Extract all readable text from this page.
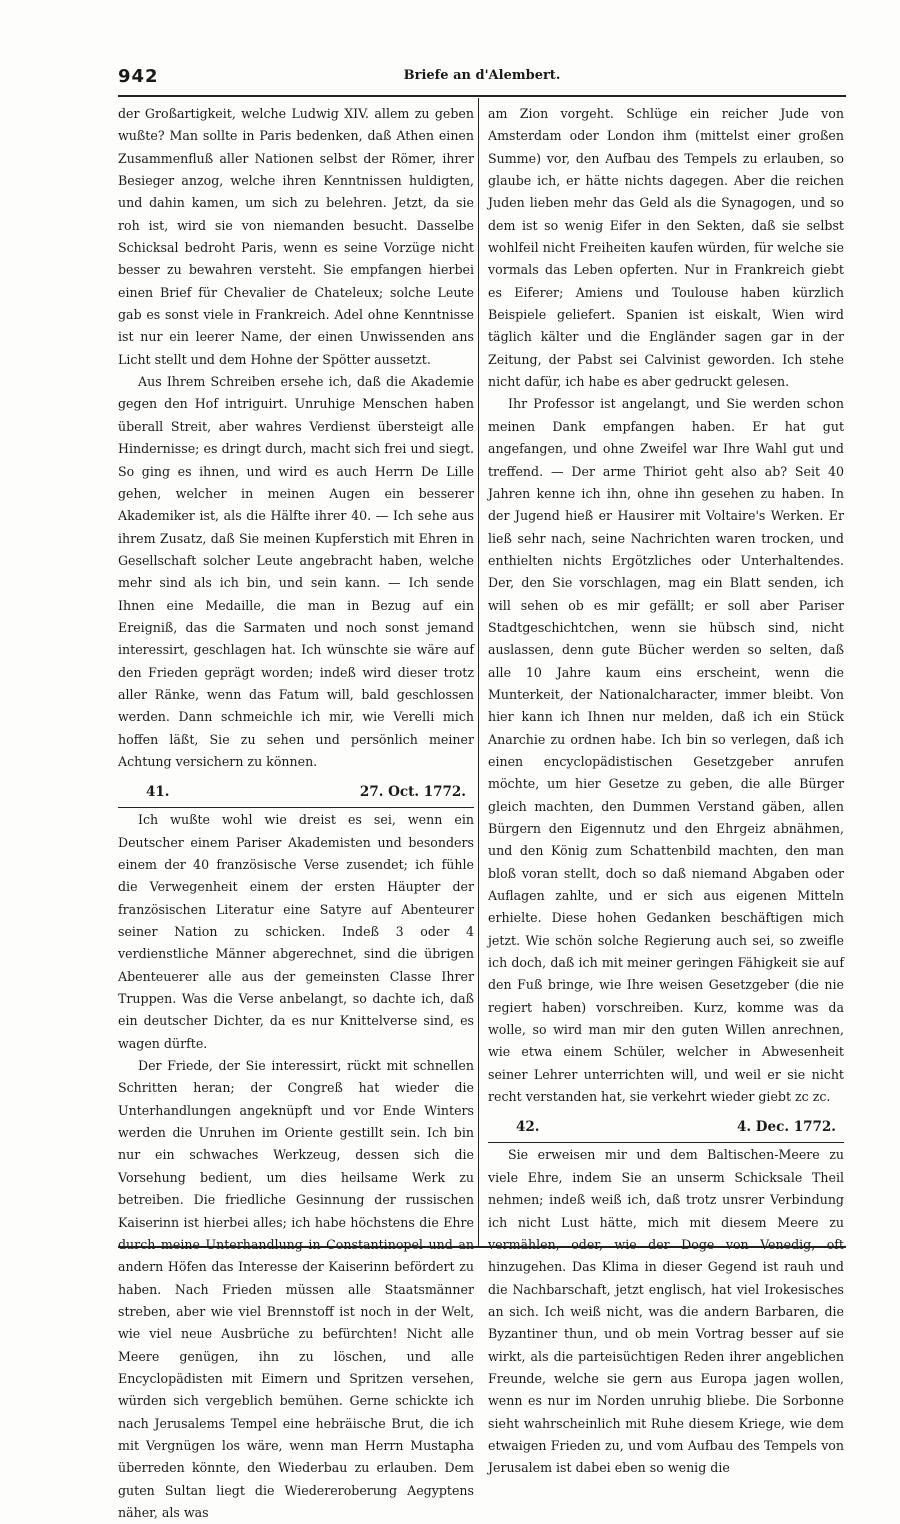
942	Briefe an d'Alembert.

der Großartigkeit, welche Ludwig XIV. allem zu geben wußte? Man sollte in Paris bedenken, daß Athen einen Zusammenfluß aller Nationen selbst der Römer, ihrer Besieger anzog, welche ihren Kenntnissen huldigten, und dahin kamen, um sich zu belehren. Jetzt, da sie roh ist, wird sie von niemanden besucht. Dasselbe Schicksal bedroht Paris, wenn es seine Vorzüge nicht besser zu bewahren versteht. Sie empfangen hierbei einen Brief für Chevalier de Chateleux; solche Leute gab es sonst viele in Frankreich. Adel ohne Kenntnisse ist nur ein leerer Name, der einen Unwissenden ans Licht stellt und dem Hohne der Spötter aussetzt.

Aus Ihrem Schreiben ersehe ich, daß die Akademie gegen den Hof intriguirt. Unruhige Menschen haben überall Streit, aber wahres Verdienst übersteigt alle Hindernisse; es dringt durch, macht sich frei und siegt. So ging es ihnen, und wird es auch Herrn De Lille gehen, welcher in meinen Augen ein besserer Akademiker ist, als die Hälfte ihrer 40. — Ich sehe aus ihrem Zusatz, daß Sie meinen Kupferstich mit Ehren in Gesellschaft solcher Leute angebracht haben, welche mehr sind als ich bin, und sein kann. — Ich sende Ihnen eine Medaille, die man in Bezug auf ein Ereigniß, das die Sarmaten und noch sonst jemand interessirt, geschlagen hat. Ich wünschte sie wäre auf den Frieden geprägt worden; indeß wird dieser trotz aller Ränke, wenn das Fatum will, bald geschlossen werden. Dann schmeichle ich mir, wie Verelli mich hoffen läßt, Sie zu sehen und persönlich meiner Achtung versichern zu können.

41.	27. Oct. 1772.

Ich wußte wohl wie dreist es sei, wenn ein Deutscher einem Pariser Akademisten und besonders einem der 40 französische Verse zusendet; ich fühle die Verwegenheit einem der ersten Häupter der französischen Literatur eine Satyre auf Abenteurer seiner Nation zu schicken. Indeß 3 oder 4 verdienstliche Männer abgerechnet, sind die übrigen Abenteuerer alle aus der gemeinsten Classe Ihrer Truppen. Was die Verse anbelangt, so dachte ich, daß ein deutscher Dichter, da es nur Knittelverse sind, es wagen dürfte.

Der Friede, der Sie interessirt, rückt mit schnellen Schritten heran; der Congreß hat wieder die Unterhandlungen angeknüpft und vor Ende Winters werden die Unruhen im Oriente gestillt sein. Ich bin nur ein schwaches Werkzeug, dessen sich die Vorsehung bedient, um dies heilsame Werk zu betreiben. Die friedliche Gesinnung der russischen Kaiserinn ist hierbei alles; ich habe höchstens die Ehre durch meine Unterhandlung in Constantinopel und an andern Höfen das Interesse der Kaiserinn befördert zu haben. Nach Frieden müssen alle Staatsmänner streben, aber wie viel Brennstoff ist noch in der Welt, wie viel neue Ausbrüche zu befürchten! Nicht alle Meere genügen, ihn zu löschen, und alle Encyclopädisten mit Eimern und Spritzen versehen, würden sich vergeblich bemühen. Gerne schickte ich nach Jerusalems Tempel eine hebräische Brut, die ich mit Vergnügen los wäre, wenn man Herrn Mustapha überreden könnte, den Wiederbau zu erlauben. Dem guten Sultan liegt die Wiedereroberung Aegyptens näher, als was

am Zion vorgeht. Schlüge ein reicher Jude von Amsterdam oder London ihm (mittelst einer großen Summe) vor, den Aufbau des Tempels zu erlauben, so glaube ich, er hätte nichts dagegen. Aber die reichen Juden lieben mehr das Geld als die Synagogen, und so dem ist so wenig Eifer in den Sekten, daß sie selbst wohlfeil nicht Freiheiten kaufen würden, für welche sie vormals das Leben opferten. Nur in Frankreich giebt es Eiferer; Amiens und Toulouse haben kürzlich Beispiele geliefert. Spanien ist eiskalt, Wien wird täglich kälter und die Engländer sagen gar in der Zeitung, der Pabst sei Calvinist geworden. Ich stehe nicht dafür, ich habe es aber gedruckt gelesen.

Ihr Professor ist angelangt, und Sie werden schon meinen Dank empfangen haben. Er hat gut angefangen, und ohne Zweifel war Ihre Wahl gut und treffend. — Der arme Thiriot geht also ab? Seit 40 Jahren kenne ich ihn, ohne ihn gesehen zu haben. In der Jugend hieß er Hausirer mit Voltaire's Werken. Er ließ sehr nach, seine Nachrichten waren trocken, und enthielten nichts Ergötzliches oder Unterhaltendes. Der, den Sie vorschlagen, mag ein Blatt senden, ich will sehen ob es mir gefällt; er soll aber Pariser Stadtgeschichtchen, wenn sie hübsch sind, nicht auslassen, denn gute Bücher werden so selten, daß alle 10 Jahre kaum eins erscheint, wenn die Munterkeit, der Nationalcharacter, immer bleibt. Von hier kann ich Ihnen nur melden, daß ich ein Stück Anarchie zu ordnen habe. Ich bin so verlegen, daß ich einen encyclopädistischen Gesetzgeber anrufen möchte, um hier Gesetze zu geben, die alle Bürger gleich machten, den Dummen Verstand gäben, allen Bürgern den Eigennutz und den Ehrgeiz abnähmen, und den König zum Schattenbild machten, den man bloß voran stellt, doch so daß niemand Abgaben oder Auflagen zahlte, und er sich aus eigenen Mitteln erhielte. Diese hohen Gedanken beschäftigen mich jetzt. Wie schön solche Regierung auch sei, so zweifle ich doch, daß ich mit meiner geringen Fähigkeit sie auf den Fuß bringe, wie Ihre weisen Gesetzgeber (die nie regiert haben) vorschreiben. Kurz, komme was da wolle, so wird man mir den guten Willen anrechnen, wie etwa einem Schüler, welcher in Abwesenheit seiner Lehrer unterrichten will, und weil er sie nicht recht verstanden hat, sie verkehrt wieder giebt zc zc.

42.	4. Dec. 1772.

Sie erweisen mir und dem Baltischen-Meere zu viele Ehre, indem Sie an unserm Schicksale Theil nehmen; indeß weiß ich, daß trotz unsrer Verbindung ich nicht Lust hätte, mich mit diesem Meere zu vermählen, oder, wie der Doge von Venedig, oft hinzugehen. Das Klima in dieser Gegend ist rauh und die Nachbarschaft, jetzt englisch, hat viel Irokesisches an sich. Ich weiß nicht, was die andern Barbaren, die Byzantiner thun, und ob mein Vortrag besser auf sie wirkt, als die parteisüchtigen Reden ihrer angeblichen Freunde, welche sie gern aus Europa jagen wollen, wenn es nur im Norden unruhig bliebe. Die Sorbonne sieht wahrscheinlich mit Ruhe diesem Kriege, wie dem etwaigen Frieden zu, und vom Aufbau des Tempels von Jerusalem ist dabei eben so wenig die
